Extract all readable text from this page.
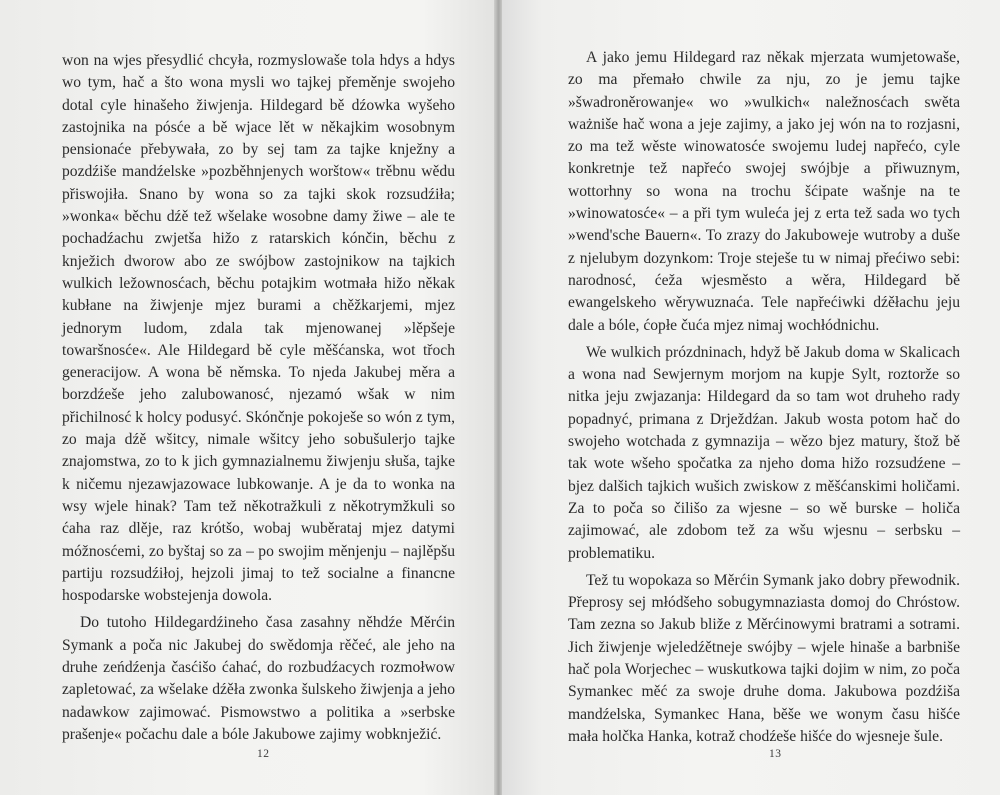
won na wjes přesydlić chcyła, rozmyslowaše tola hdys a hdys wo tym, hač a što wona mysli wo tajkej přeměnje swojeho dotal cyle hinašeho žiwjenja. Hildegard bě dźowka wyšeho zastojnika na pósće a bě wjace lět w někajkim wosobnym pensionaće přebywała, zo by sej tam za tajke knježny a pozdźiše mandźelske »pozběhnjenych worštow« trěbnu wědu přiswojiła. Snano by wona so za tajki skok rozsudźiła; »wonka« běchu dźě tež wšelake wosobne damy žiwe – ale te pochadźachu zwjetša hižo z ratarskich kónčin, běchu z knježich dworow abo ze swójbow zastojnikow na tajkich wulkich ležownosćach, běchu potajkim wotmała hižo někak kubłane na žiwjenje mjez burami a chěžkarjemi, mjez jednorym ludom, zdala tak mjenowanej »lěpšeje towaršnosće«. Ale Hildegard bě cyle měšćanska, wot třoch generacijow. A wona bě němska. To njeda Jakubej měra a borzdźeše jeho zalubowanosć, njezamó wšak w nim přichilnosć k holcy podusyć. Skónčnje pokoješe so wón z tym, zo maja dźě wšitcy, nimale wšitcy jeho sobušulerjo tajke znajomstwa, zo to k jich gymnazialnemu žiwjenju słuša, tajke k ničemu njezawjazowace lubkowanje. A je da to wonka na wsy wjele hinak? Tam tež někotražkuli z někotrymžkuli so ćaha raz dlěje, raz krótšo, wobaj wuběrataj mjez datymi móžnosćemi, zo byštaj so za – po swojim měnjenju – najlěpšu partiju rozsudźiłoj, hejzoli jimaj to tež socialne a financne hospodarske wobstejenja dowola.

Do tutoho Hildegardźineho časa zasahny něhdźe Měrćin Symank a poča nic Jakubej do swědomja rěčeć, ale jeho na druhe zeńdźenja časćišo ćahać, do rozbudźacych rozmołwow zapletować, za wšelake dźěła zwonka šulskeho žiwjenja a jeho nadawkow zajimować. Pismowstwo a politika a »serbske prašenje« počachu dale a bóle Jakubowe zajimy wobknježić.

12

A jako jemu Hildegard raz někak mjerzata wumjetowaše, zo ma přemało chwile za nju, zo je jemu tajke »šwadroněrowanje« wo »wulkich« naležnosćach swěta ważnišе hač wona a jeje zajimy, a jako jej wón na to rozjasni, zo ma tež wěste winowatosće swojemu ludej napřećo, cyle konkretnje tež napřećo swojej swójbje a přiwuznym, wottorhny so wona na trochu šćipate wašnje na te »winowatosće« – a při tym wulećа jej z erta tež sada wo tych »wend'sche Bauern«. To zrazy do Jakuboweje wutroby a duše z njelubym dozynkom: Troje steješe tu w nimaj přećiwo sebi: narodnosć, ćeža wjesměsto a wěra, Hildegard bě ewangelskeho wěrywuznaća. Tele napřećiwki dźěłachu jeju dale a bóle, ćopłe čuća mjez nimaj wochłódnichu.

We wulkich prózdninach, hdyž bě Jakub doma w Skalicach a wona nad Sewjernym morjom na kupje Sylt, roztorže so nitka jeju zwjazanja: Hildegard da so tam wot druheho rady popadnyć, primana z Drježdźan. Jakub wosta potom hač do swojeho wotchada z gymnazija – wězo bjez matury, štož bě tak wote wšeho spočatka za njeho doma hižo rozsudźene – bjez dalšich tajkich wušich zwiskow z měšćanskimi holičami. Za to poča so čilišo za wjesne – so wě burske – holiča zajimować, ale zdobom tež za wšu wjesnu – serbsku – problematiku.

Tež tu wopokaza so Měrćin Symank jako dobry přewodnik. Přeprosy sej młódšeho sobugymnaziasta domoj do Chróstow. Tam zezna so Jakub bliže z Měrćinowymi bratrami a sotrami. Jich žiwjenje wjeledźětneje swójby – wjele hinaše a barbnišе hač pola Worjechec – wuskutkowa tajki dojim w nim, zo poča Symankec měć za swoje druhe doma. Jakubowa pozdźiša mandźelska, Symankec Hana, běše we wonym času hišće mała holčka Hanka, kotraž chodźeše hišće do wjesneje šule.

13
